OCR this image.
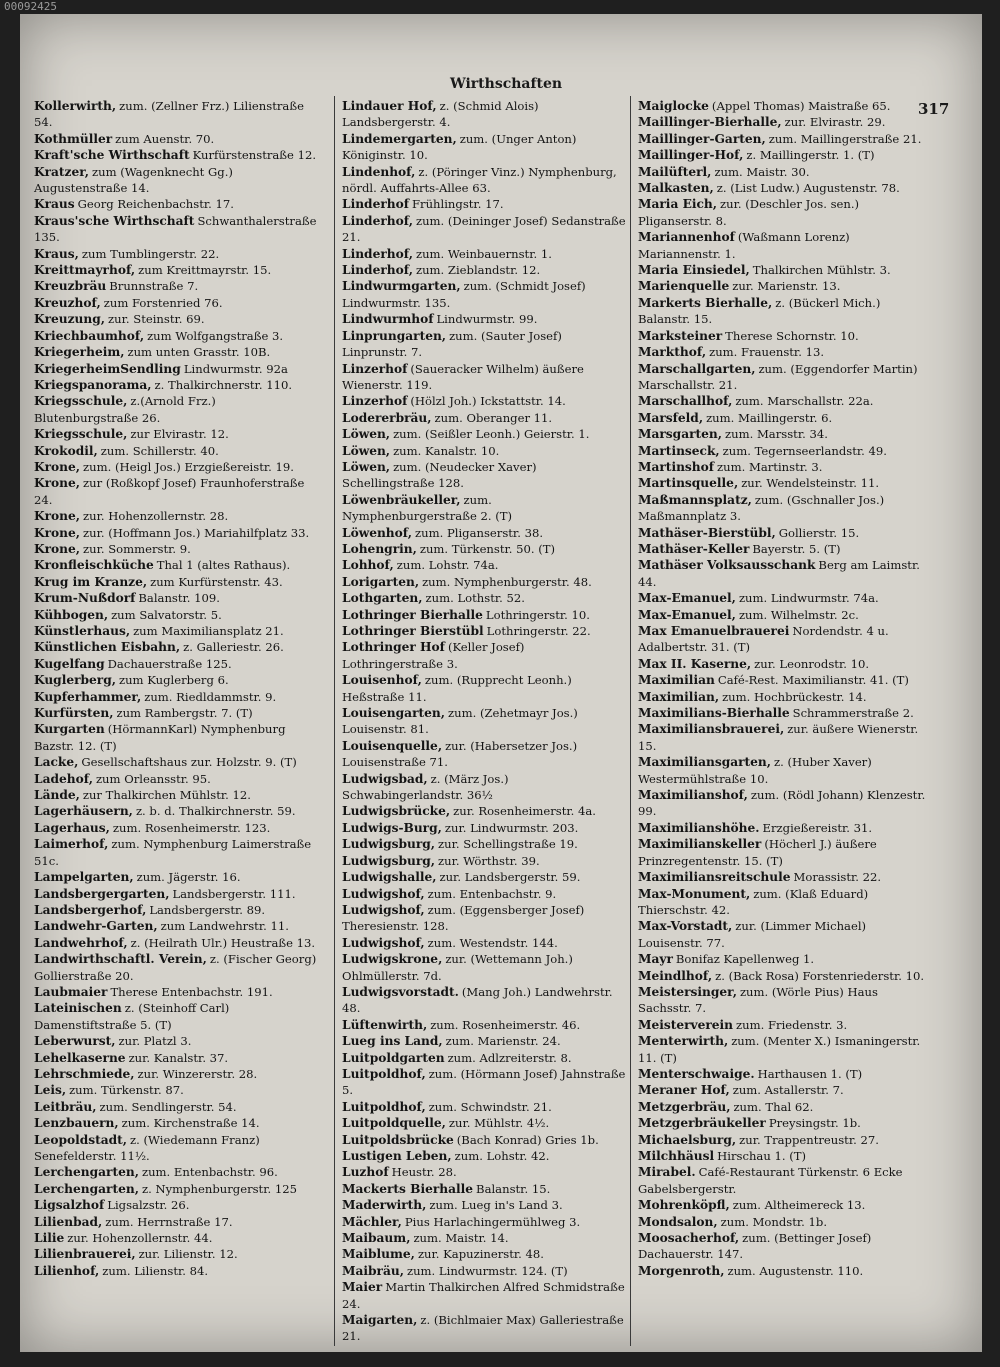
00092425
Wirthschaften
317
Kollerwirth, zum. (Zellner Frz.) Lilienstraße 54.
Kothmüller zum Auenstr. 70.
Kraft'sche Wirthschaft Kurfürstenstraße 12.
Kratzer, zum (Wagenknecht Gg.) Augustenstraße 14.
Kraus Georg Reichenbachstr. 17.
Kraus'sche Wirthschaft Schwanthalerstraße 135.
Kraus, zum Tumblingerstr. 22.
Kreittmayrhof, zum Kreittmayrstr. 15.
Kreuzbräu Brunnstraße 7.
Kreuzhof, zum Forstenried 76.
Kreuzung, zur. Steinstr. 69.
Kriechbaumhof, zum Wolfgangstraße 3.
Kriegerheim, zum unten Grasstr. 10B.
KriegerheimSendling Lindwurmstr. 92a
Kriegspanorama, z. Thalkirchnerstr. 110.
Kriegsschule, z.(Arnold Frz.) Blutenburgstraße 26.
Kriegsschule, zur Elvirastr. 12.
Krokodil, zum. Schillerstr. 40.
Krone, zum. (Heigl Jos.) Erzgießereistr. 19.
Krone, zur (Roßkopf Josef) Fraunhoferstraße 24.
Krone, zur. Hohenzollernstr. 28.
Krone, zur. (Hoffmann Jos.) Mariahilfplatz 33.
Krone, zur. Sommerstr. 9.
Kronfleischküche Thal 1 (altes Rathaus).
Krug im Kranze, zum Kurfürstenstr. 43.
Krum-Nußdorf Balanstr. 109.
Kühbogen, zum Salvatorstr. 5.
Künstlerhaus, zum Maximiliansplatz 21.
Künstlichen Eisbahn, z. Galleriestr. 26.
Kugelfang Dachauerstraße 125.
Kuglerberg, zum Kuglerberg 6.
Kupferhammer, zum. Riedldammstr. 9.
Kurfürsten, zum Rambergstr. 7. (T)
Kurgarten (HörmannKarl) Nymphenburg Bazstr. 12. (T)
Lacke, Gesellschaftshaus zur. Holzstr. 9. (T)
Ladehof, zum Orleansstr. 95.
Lände, zur Thalkirchen Mühlstr. 12.
Lagerhäusern, z. b. d. Thalkirchnerstr. 59.
Lagerhaus, zum. Rosenheimerstr. 123.
Laimerhof, zum. Nymphenburg Laimerstraße 51c.
Lampelgarten, zum. Jägerstr. 16.
Landsbergergarten, Landsbergerstr. 111.
Landsbergerhof, Landsbergerstr. 89.
Landwehr-Garten, zum Landwehrstr. 11.
Landwehrhof, z. (Heilrath Ulr.) Heustraße 13.
Landwirthschaftl. Verein, z. (Fischer Georg) Gollierstraße 20.
Laubmaier Therese Entenbachstr. 191.
Lateinischen z. (Steinhoff Carl) Damenstiftstraße 5. (T)
Leberwurst, zur. Platzl 3.
Lehelkaserne zur. Kanalstr. 37.
Lehrschmiede, zur. Winzererstr. 28.
Leis, zum. Türkenstr. 87.
Leitbräu, zum. Sendlingerstr. 54.
Lenzbauern, zum. Kirchenstraße 14.
Leopoldstadt, z. (Wiedemann Franz) Senefelderstr. 11½.
Lerchengarten, zum. Entenbachstr. 96.
Lerchengarten, z. Nymphenburgerstr. 125
Ligsalzhof Ligsalzstr. 26.
Lilienbad, zum. Herrnstraße 17.
Lilie zur. Hohenzollernstr. 44.
Lilienbrauerei, zur. Lilienstr. 12.
Lilienhof, zum. Lilienstr. 84.
Lindauer Hof, z. (Schmid Alois) Landsbergerstr. 4.
Lindemergarten, zum. (Unger Anton) Königinstr. 10.
Lindenhof, z. (Pöringer Vinz.) Nymphenburg, nördl. Auffahrts-Allee 63.
Linderhof Frühlingstr. 17.
Linderhof, zum. (Deininger Josef) Sedanstraße 21.
Linderhof, zum. Weinbauernstr. 1.
Linderhof, zum. Zieblandstr. 12.
Lindwurmgarten, zum. (Schmidt Josef) Lindwurmstr. 135.
Lindwurmhof Lindwurmstr. 99.
Linprungarten, zum. (Sauter Josef) Linprunstr. 7.
Linzerhof (Saueracker Wilhelm) äußere Wienerstr. 119.
Linzerhof (Hölzl Joh.) Ickstattstr. 14.
Lodererbräu, zum. Oberanger 11.
Löwen, zum. (Seißler Leonh.) Geierstr. 1.
Löwen, zum. Kanalstr. 10.
Löwen, zum. (Neudecker Xaver) Schellingstraße 128.
Löwenbräukeller, zum. Nymphenburgerstraße 2. (T)
Löwenhof, zum. Pliganserstr. 38.
Lohengrin, zum. Türkenstr. 50. (T)
Lohhof, zum. Lohstr. 74a.
Lorigarten, zum. Nymphenburgerstr. 48.
Lothgarten, zum. Lothstr. 52.
Lothringer Bierhalle Lothringerstr. 10.
Lothringer Bierstübl Lothringerstr. 22.
Lothringer Hof (Keller Josef) Lothringerstraße 3.
Louisenhof, zum. (Rupprecht Leonh.) Heßstraße 11.
Louisengarten, zum. (Zehetmayr Jos.) Louisenstr. 81.
Louisenquelle, zur. (Habersetzer Jos.) Louisenstraße 71.
Ludwigsbad, z. (März Jos.) Schwabingerlandstr. 36½
Ludwigsbrücke, zur. Rosenheimerstr. 4a.
Ludwigs-Burg, zur. Lindwurmstr. 203.
Ludwigsburg, zur. Schellingstraße 19.
Ludwigsburg, zur. Wörthstr. 39.
Ludwigshalle, zur. Landsbergerstr. 59.
Ludwigshof, zum. Entenbachstr. 9.
Ludwigshof, zum. (Eggensberger Josef) Theresienstr. 128.
Ludwigshof, zum. Westendstr. 144.
Ludwigskrone, zur. (Wettemann Joh.) Ohlmüllerstr. 7d.
Ludwigsvorstadt. (Mang Joh.) Landwehrstr. 48.
Lüftenwirth, zum. Rosenheimerstr. 46.
Lueg ins Land, zum. Marienstr. 24.
Luitpoldgarten zum. Adlzreiterstr. 8.
Luitpoldhof, zum. (Hörmann Josef) Jahnstraße 5.
Luitpoldhof, zum. Schwindstr. 21.
Luitpoldquelle, zur. Mühlstr. 4½.
Luitpoldsbrücke (Bach Konrad) Gries 1b.
Lustigen Leben, zum. Lohstr. 42.
Luzhof Heustr. 28.
Mackerts Bierhalle Balanstr. 15.
Maderwirth, zum. Lueg in's Land 3.
Mächler, Pius Harlachingermühlweg 3.
Maibaum, zum. Maistr. 14.
Maiblume, zur. Kapuzinerstr. 48.
Maibräu, zum. Lindwurmstr. 124. (T)
Maier Martin Thalkirchen Alfred Schmidstraße 24.
Maigarten, z. (Bichlmaier Max) Galleriestraße 21.
Maiglocke (Appel Thomas) Maistraße 65.
Maillinger-Bierhalle, zur. Elvirastr. 29.
Maillinger-Garten, zum. Maillingerstraße 21.
Maillinger-Hof, z. Maillingerstr. 1. (T)
Mailüfterl, zum. Maistr. 30.
Malkasten, z. (List Ludw.) Augustenstr. 78.
Maria Eich, zur. (Deschler Jos. sen.) Pliganserstr. 8.
Mariannenhof (Waßmann Lorenz) Mariannenstr. 1.
Maria Einsiedel, Thalkirchen Mühlstr. 3.
Marienquelle zur. Marienstr. 13.
Markerts Bierhalle, z. (Bückerl Mich.) Balanstr. 15.
Marksteiner Therese Schornstr. 10.
Markthof, zum. Frauenstr. 13.
Marschallgarten, zum. (Eggendorfer Martin) Marschallstr. 21.
Marschallhof, zum. Marschallstr. 22a.
Marsfeld, zum. Maillingerstr. 6.
Marsgarten, zum. Marsstr. 34.
Martinseck, zum. Tegernseerlandstr. 49.
Martinshof zum. Martinstr. 3.
Martinsquelle, zur. Wendelsteinstr. 11.
Maßmannsplatz, zum. (Gschnaller Jos.) Maßmannplatz 3.
Mathäser-Bierstübl, Gollierstr. 15.
Mathäser-Keller Bayerstr. 5. (T)
Mathäser Volksausschank Berg am Laimstr. 44.
Max-Emanuel, zum. Lindwurmstr. 74a.
Max-Emanuel, zum. Wilhelmstr. 2c.
Max Emanuelbrauerei Nordendstr. 4 u. Adalbertstr. 31. (T)
Max II. Kaserne, zur. Leonrodstr. 10.
Maximilian Café-Rest. Maximilianstr. 41. (T)
Maximilian, zum. Hochbrückestr. 14.
Maximilians-Bierhalle Schrammerstraße 2.
Maximiliansbrauerei, zur. äußere Wienerstr. 15.
Maximiliansgarten, z. (Huber Xaver) Westermühlstraße 10.
Maximilianshof, zum. (Rödl Johann) Klenzestr. 99.
Maximilianshöhe. Erzgießereistr. 31.
Maximilianskeller (Höcherl J.) äußere Prinzregentenstr. 15. (T)
Maximiliansreitschule Morassistr. 22.
Max-Monument, zum. (Klaß Eduard) Thierschstr. 42.
Max-Vorstadt, zur. (Limmer Michael) Louisenstr. 77.
Mayr Bonifaz Kapellenweg 1.
Meindlhof, z. (Back Rosa) Forstenriederstr. 10.
Meistersinger, zum. (Wörle Pius) Haus Sachsstr. 7.
Meisterverein zum. Friedenstr. 3.
Menterwirth, zum. (Menter X.) Ismaningerstr. 11. (T)
Menterschwaige. Harthausen 1. (T)
Meraner Hof, zum. Astallerstr. 7.
Metzgerbräu, zum. Thal 62.
Metzgerbräukeller Preysingstr. 1b.
Michaelsburg, zur. Trappentreustr. 27.
Milchhäusl Hirschau 1. (T)
Mirabel. Café-Restaurant Türkenstr. 6 Ecke Gabelsbergerstr.
Mohrenköpfl, zum. Altheimereck 13.
Mondsalon, zum. Mondstr. 1b.
Moosacherhof, zum. (Bettinger Josef) Dachauerstr. 147.
Morgenroth, zum. Augustenstr. 110.
